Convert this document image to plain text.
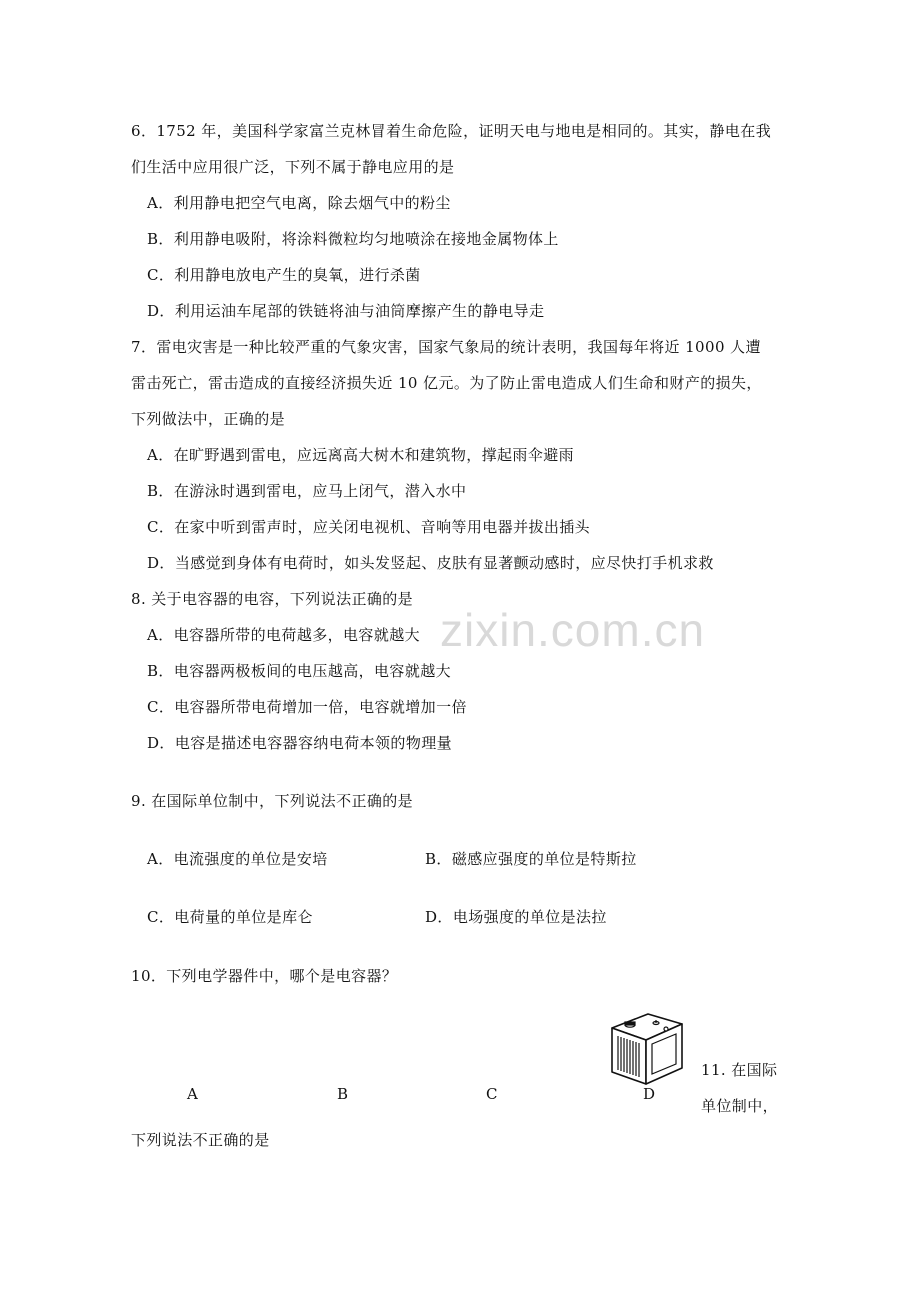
zixin.com.cn
6．1752 年，美国科学家富兰克林冒着生命危险，证明天电与地电是相同的。其实，静电在我
们生活中应用很广泛，下列不属于静电应用的是
A．利用静电把空气电离，除去烟气中的粉尘
B．利用静电吸附，将涂料微粒均匀地喷涂在接地金属物体上
C．利用静电放电产生的臭氧，进行杀菌
D．利用运油车尾部的铁链将油与油筒摩擦产生的静电导走
7．雷电灾害是一种比较严重的气象灾害，国家气象局的统计表明，我国每年将近 1000 人遭
雷击死亡，雷击造成的直接经济损失近 10 亿元。为了防止雷电造成人们生命和财产的损失，
下列做法中，正确的是
A．在旷野遇到雷电，应远离高大树木和建筑物，撑起雨伞避雨
B．在游泳时遇到雷电，应马上闭气，潜入水中
C．在家中听到雷声时，应关闭电视机、音响等用电器并拔出插头
D．当感觉到身体有电荷时，如头发竖起、皮肤有显著颤动感时，应尽快打手机求救
8. 关于电容器的电容，下列说法正确的是
A．电容器所带的电荷越多，电容就越大
B．电容器两极板间的电压越高，电容就越大
C．电容器所带电荷增加一倍，电容就增加一倍
D．电容是描述电容器容纳电荷本领的物理量
9. 在国际单位制中，下列说法不正确的是
A．电流强度的单位是安培	B．磁感应强度的单位是特斯拉
C．电荷量的单位是库仑	D．电场强度的单位是法拉
10．下列电学器件中，哪个是电容器？
A	B	C	D
11. 在国际
单位制中，
下列说法不正确的是
